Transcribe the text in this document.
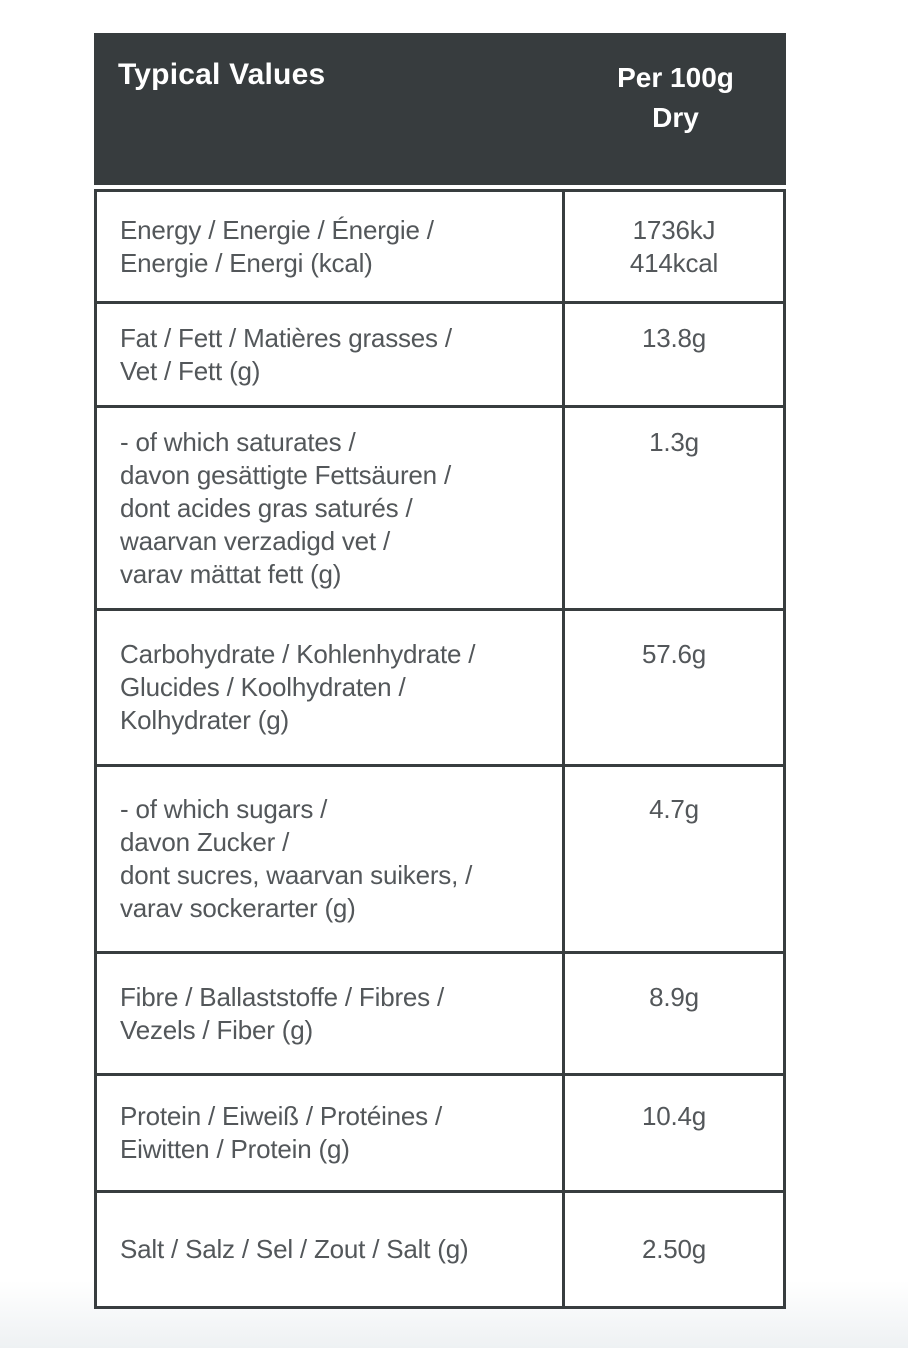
Typical Values	Per 100g
Dry
Energy / Energie / Énergie /
Energie / Energi (kcal)
1736kJ
414kcal
Fat / Fett / Matières grasses /
Vet / Fett (g)
13.8g

- of which saturates /
davon gesättigte Fettsäuren /
dont acides gras saturés /
waarvan verzadigd vet /
varav mättat fett (g)
1.3g

Carbohydrate / Kohlenhydrate /
Glucides / Koolhydraten /
Kolhydrater (g)
57.6g

- of which sugars /
davon Zucker /
dont sucres, waarvan suikers, /
varav sockerarter (g)
4.7g

Fibre / Ballaststoffe / Fibres /
Vezels / Fiber (g)
8.9g

Protein / Eiweiß / Protéines /
Eiwitten / Protein (g)
10.4g

Salt / Salz / Sel / Zout / Salt (g)	2.50g
